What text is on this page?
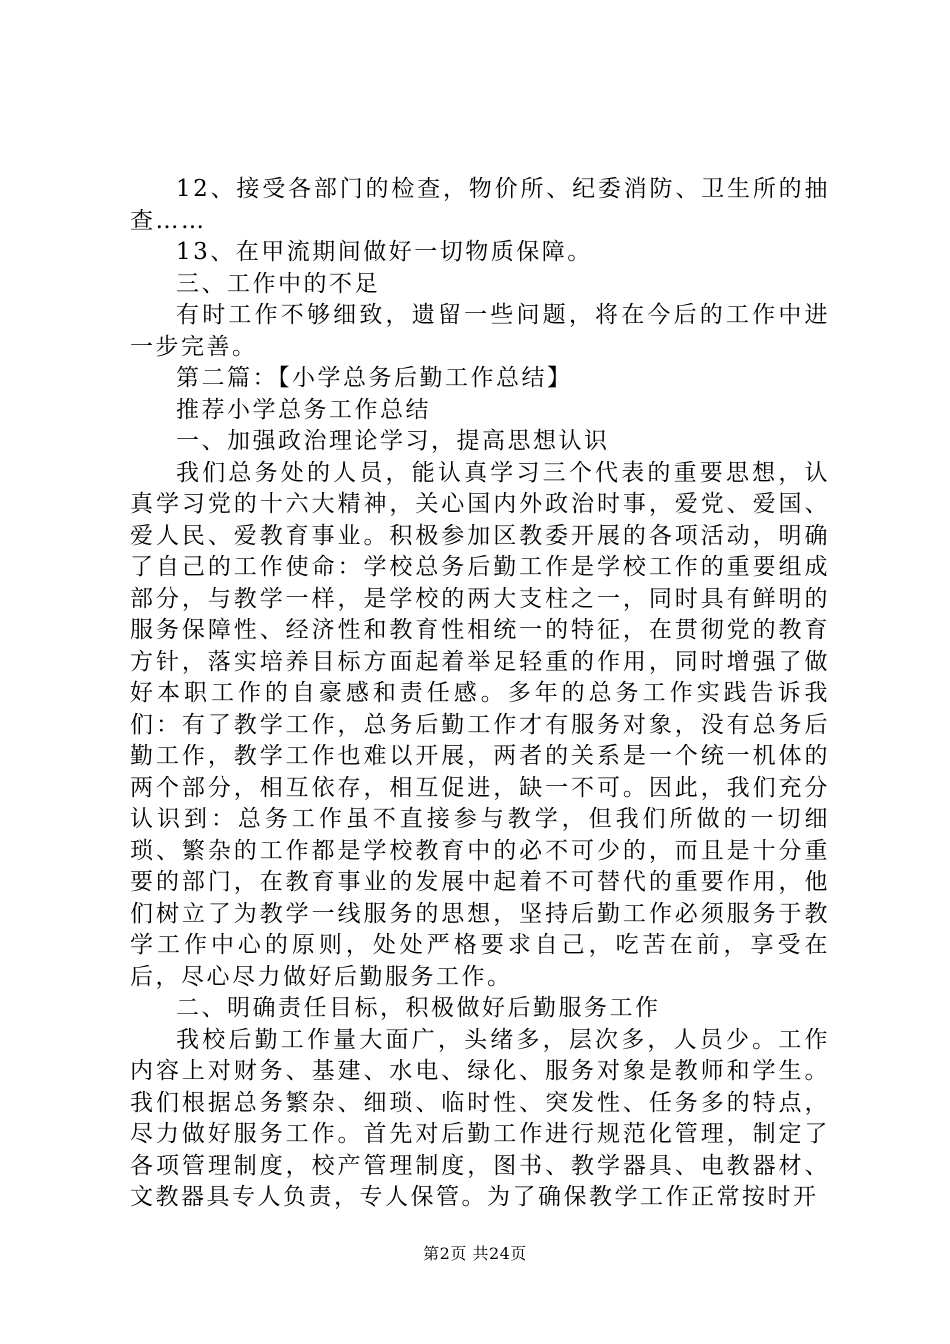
12、接受各部门的检查，物价所、纪委消防、卫生所的抽查……

13、在甲流期间做好一切物质保障。

三、工作中的不足

有时工作不够细致，遗留一些问题，将在今后的工作中进一步完善。

第二篇：【小学总务后勤工作总结】

推荐小学总务工作总结

一、加强政治理论学习，提高思想认识

我们总务处的人员，能认真学习三个代表的重要思想，认真学习党的十六大精神，关心国内外政治时事，爱党、爱国、爱人民、爱教育事业。积极参加区教委开展的各项活动，明确了自己的工作使命：学校总务后勤工作是学校工作的重要组成部分，与教学一样，是学校的两大支柱之一，同时具有鲜明的服务保障性、经济性和教育性相统一的特征，在贯彻党的教育方针，落实培养目标方面起着举足轻重的作用，同时增强了做好本职工作的自豪感和责任感。多年的总务工作实践告诉我们：有了教学工作，总务后勤工作才有服务对象，没有总务后勤工作，教学工作也难以开展，两者的关系是一个统一机体的两个部分，相互依存，相互促进，缺一不可。因此，我们充分认识到：总务工作虽不直接参与教学，但我们所做的一切细琐、繁杂的工作都是学校教育中的必不可少的，而且是十分重要的部门，在教育事业的发展中起着不可替代的重要作用，他们树立了为教学一线服务的思想，坚持后勤工作必须服务于教学工作中心的原则，处处严格要求自己，吃苦在前，享受在后，尽心尽力做好后勤服务工作。

二、明确责任目标，积极做好后勤服务工作

我校后勤工作量大面广，头绪多，层次多，人员少。工作内容上对财务、基建、水电、绿化、服务对象是教师和学生。我们根据总务繁杂、细琐、临时性、突发性、任务多的特点，尽力做好服务工作。首先对后勤工作进行规范化管理，制定了各项管理制度，校产管理制度，图书、教学器具、电教器材、文教器具专人负责，专人保管。为了确保教学工作正常按时开

第2页 共24页
